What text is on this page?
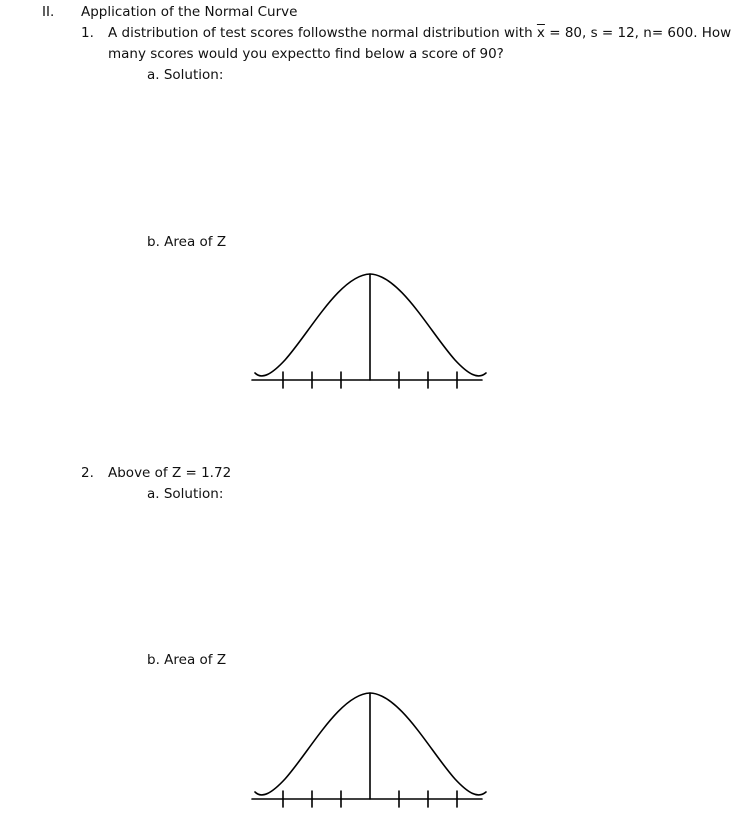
II. Application of the Normal Curve
1. A distribution of test scores followsthe normal distribution with $\overline{x} = 80$, s = 12, n= 600. How
many scores would you expectto find below a score of 90?
a. Solution:
b. Area of Z
2. Above of Z = 1.72
a. Solution:
b. Area of Z
